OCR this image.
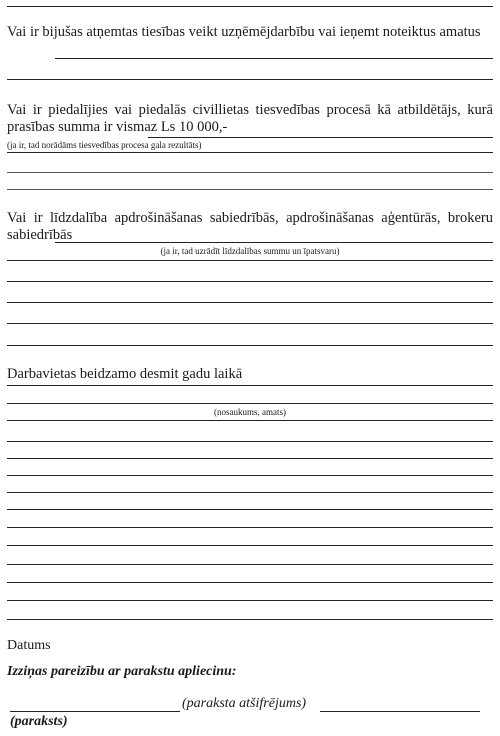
Vai ir bijušas atņemtas tiesības veikt uzņēmējdarbību vai ieņemt noteiktus amatus
Vai ir piedalījies vai piedalās civillietas tiesvedības procesā kā atbildētājs, kurā prasības summa ir vismaz Ls 10 000,-
(ja ir, tad norādāms tiesvedības procesa gala rezultāts)
Vai ir līdzdalība apdrošināšanas sabiedrībās, apdrošināšanas aģentūrās, brokeru sabiedrībās
(ja ir, tad uzrādīt līdzdalības summu un īpatsvaru)
Darbavietas beidzamo desmit gadu laikā
(nosaukums, amats)
Datums
Izziņas pareizību ar parakstu apliecinu:
(paraksta atšifrējums)
(paraksts)
